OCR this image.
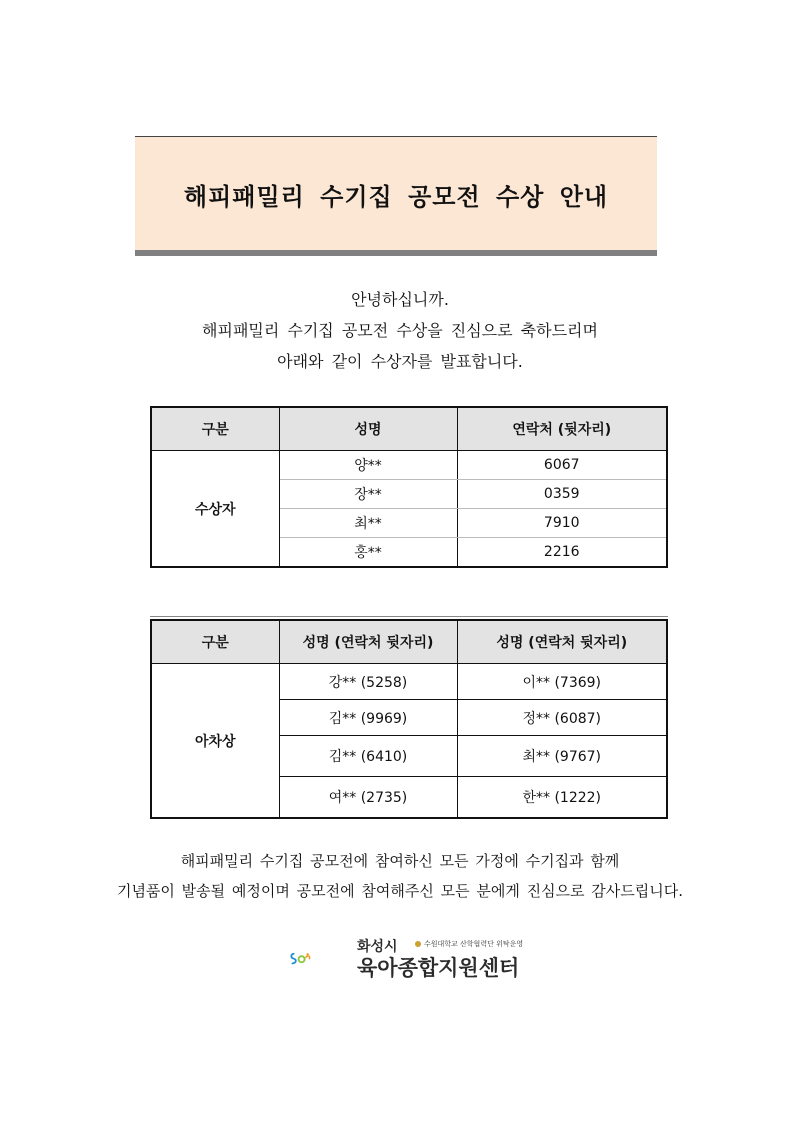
해피패밀리 수기집 공모전 수상 안내
안녕하십니까.
해피패밀리 수기집 공모전 수상을 진심으로 축하드리며
아래와 같이 수상자를 발표합니다.
구분	성명	연락처 (뒷자리)
수상자	양**	6067
	장**	0359
	최**	7910
	홍**	2216
구분	성명 (연락처 뒷자리)	성명 (연락처 뒷자리)
아차상	강** (5258)	이** (7369)
	김** (9969)	정** (6087)
	김** (6410)	최** (9767)
	여** (2735)	한** (1222)
해피패밀리 수기집 공모전에 참여하신 모든 가정에 수기집과 함께
기념품이 발송될 예정이며 공모전에 참여해주신 모든 분에게 진심으로 감사드립니다.
화성시	수원대학교 산학협력단 위탁운영
육아종합지원센터
